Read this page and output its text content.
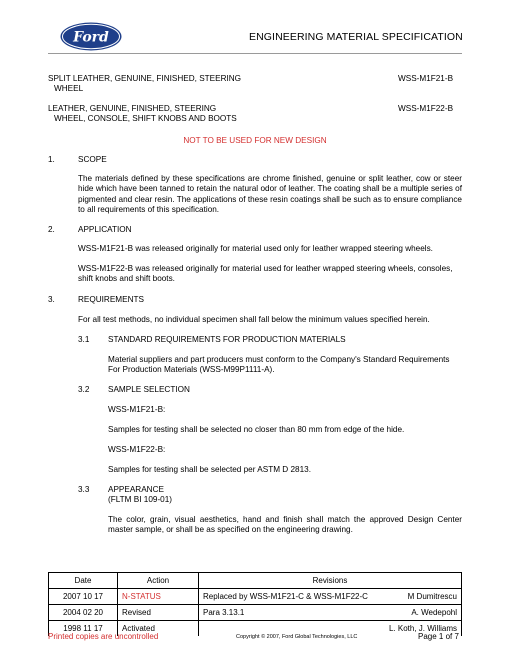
Ford	ENGINEERING MATERIAL SPECIFICATION
SPLIT LEATHER, GENUINE, FINISHED, STEERING
WHEEL
WSS-M1F21-B
LEATHER, GENUINE, FINISHED, STEERING
WHEEL, CONSOLE, SHIFT KNOBS AND BOOTS
WSS-M1F22-B
NOT TO BE USED FOR NEW DESIGN
1.	SCOPE
The materials defined by these specifications are chrome finished, genuine or split leather, cow or steer hide which have been tanned to retain the natural odor of leather. The coating shall be a multiple series of pigmented and clear resin. The applications of these resin coatings shall be such as to ensure compliance to all requirements of this specification.
2.	APPLICATION
WSS-M1F21-B was released originally for material used only for leather wrapped steering wheels.
WSS-M1F22-B was released originally for material used for leather wrapped steering wheels, consoles, shift knobs and shift boots.
3.	REQUIREMENTS
For all test methods, no individual specimen shall fall below the minimum values specified herein.
3.1 STANDARD REQUIREMENTS FOR PRODUCTION MATERIALS
Material suppliers and part producers must conform to the Company's Standard Requirements For Production Materials (WSS-M99P1111-A).
3.2 SAMPLE SELECTION
WSS-M1F21-B:
Samples for testing shall be selected no closer than 80 mm from edge of the hide.
WSS-M1F22-B:
Samples for testing shall be selected per ASTM D 2813.
3.3 APPEARANCE
(FLTM BI 109-01)
The color, grain, visual aesthetics, hand and finish shall match the approved Design Center master sample, or shall be as specified on the engineering drawing.
Date	Action	Revisions
2007 10 17	N-STATUS	Replaced by WSS-M1F21-C & WSS-M1F22-C M Dumitrescu

2004 02 20	Revised	Para 3.13.1 A. Wedepohl

1998 11 17	Activated	L. Koth, J. Williams
Printed copies are uncontrolled	Copyright © 2007, Ford Global Technologies, LLC	Page 1 of 7
